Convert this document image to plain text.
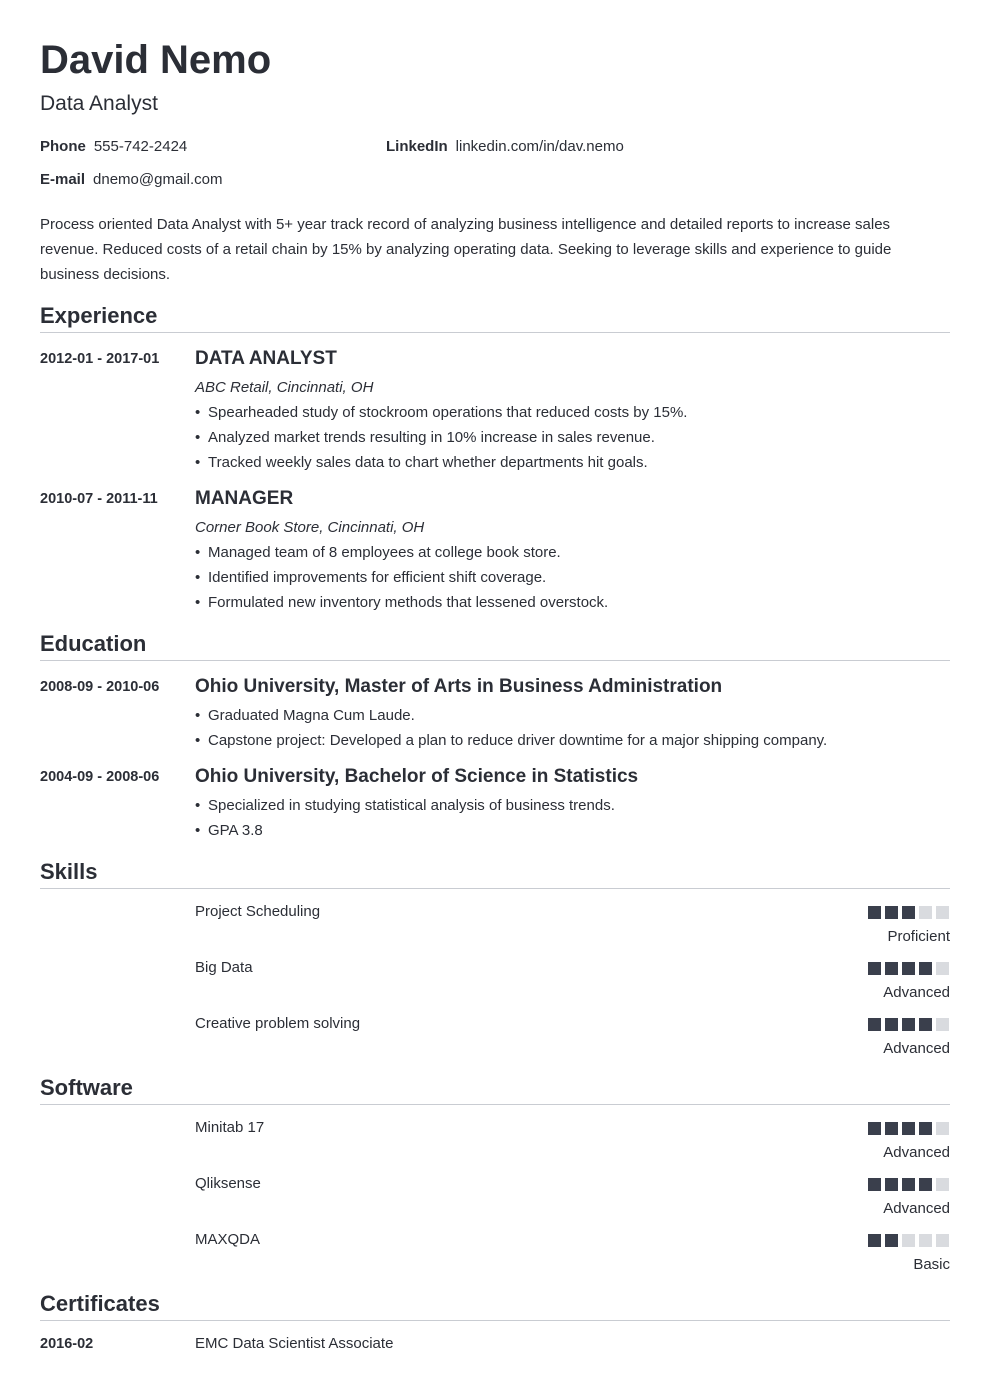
David Nemo
Data Analyst
Phone 555-742-2424	LinkedIn linkedin.com/in/dav.nemo
E-mail dnemo@gmail.com
Process oriented Data Analyst with 5+ year track record of analyzing business intelligence and detailed reports to increase sales revenue. Reduced costs of a retail chain by 15% by analyzing operating data. Seeking to leverage skills and experience to guide business decisions.
Experience
2012-01 - 2017-01 DATA ANALYST
ABC Retail, Cincinnati, OH
• Spearheaded study of stockroom operations that reduced costs by 15%.
• Analyzed market trends resulting in 10% increase in sales revenue.
• Tracked weekly sales data to chart whether departments hit goals.
2010-07 - 2011-11 MANAGER
Corner Book Store, Cincinnati, OH
• Managed team of 8 employees at college book store.
• Identified improvements for efficient shift coverage.
• Formulated new inventory methods that lessened overstock.
Education
2008-09 - 2010-06 Ohio University, Master of Arts in Business Administration
• Graduated Magna Cum Laude.
• Capstone project: Developed a plan to reduce driver downtime for a major shipping company.
2004-09 - 2008-06 Ohio University, Bachelor of Science in Statistics
• Specialized in studying statistical analysis of business trends.
• GPA 3.8
Skills
Project Scheduling
Proficient
Big Data
Advanced
Creative problem solving
Advanced
Software
Minitab 17
Advanced
Qliksense
Advanced
MAXQDA
Basic
Certificates
2016-02	EMC Data Scientist Associate
